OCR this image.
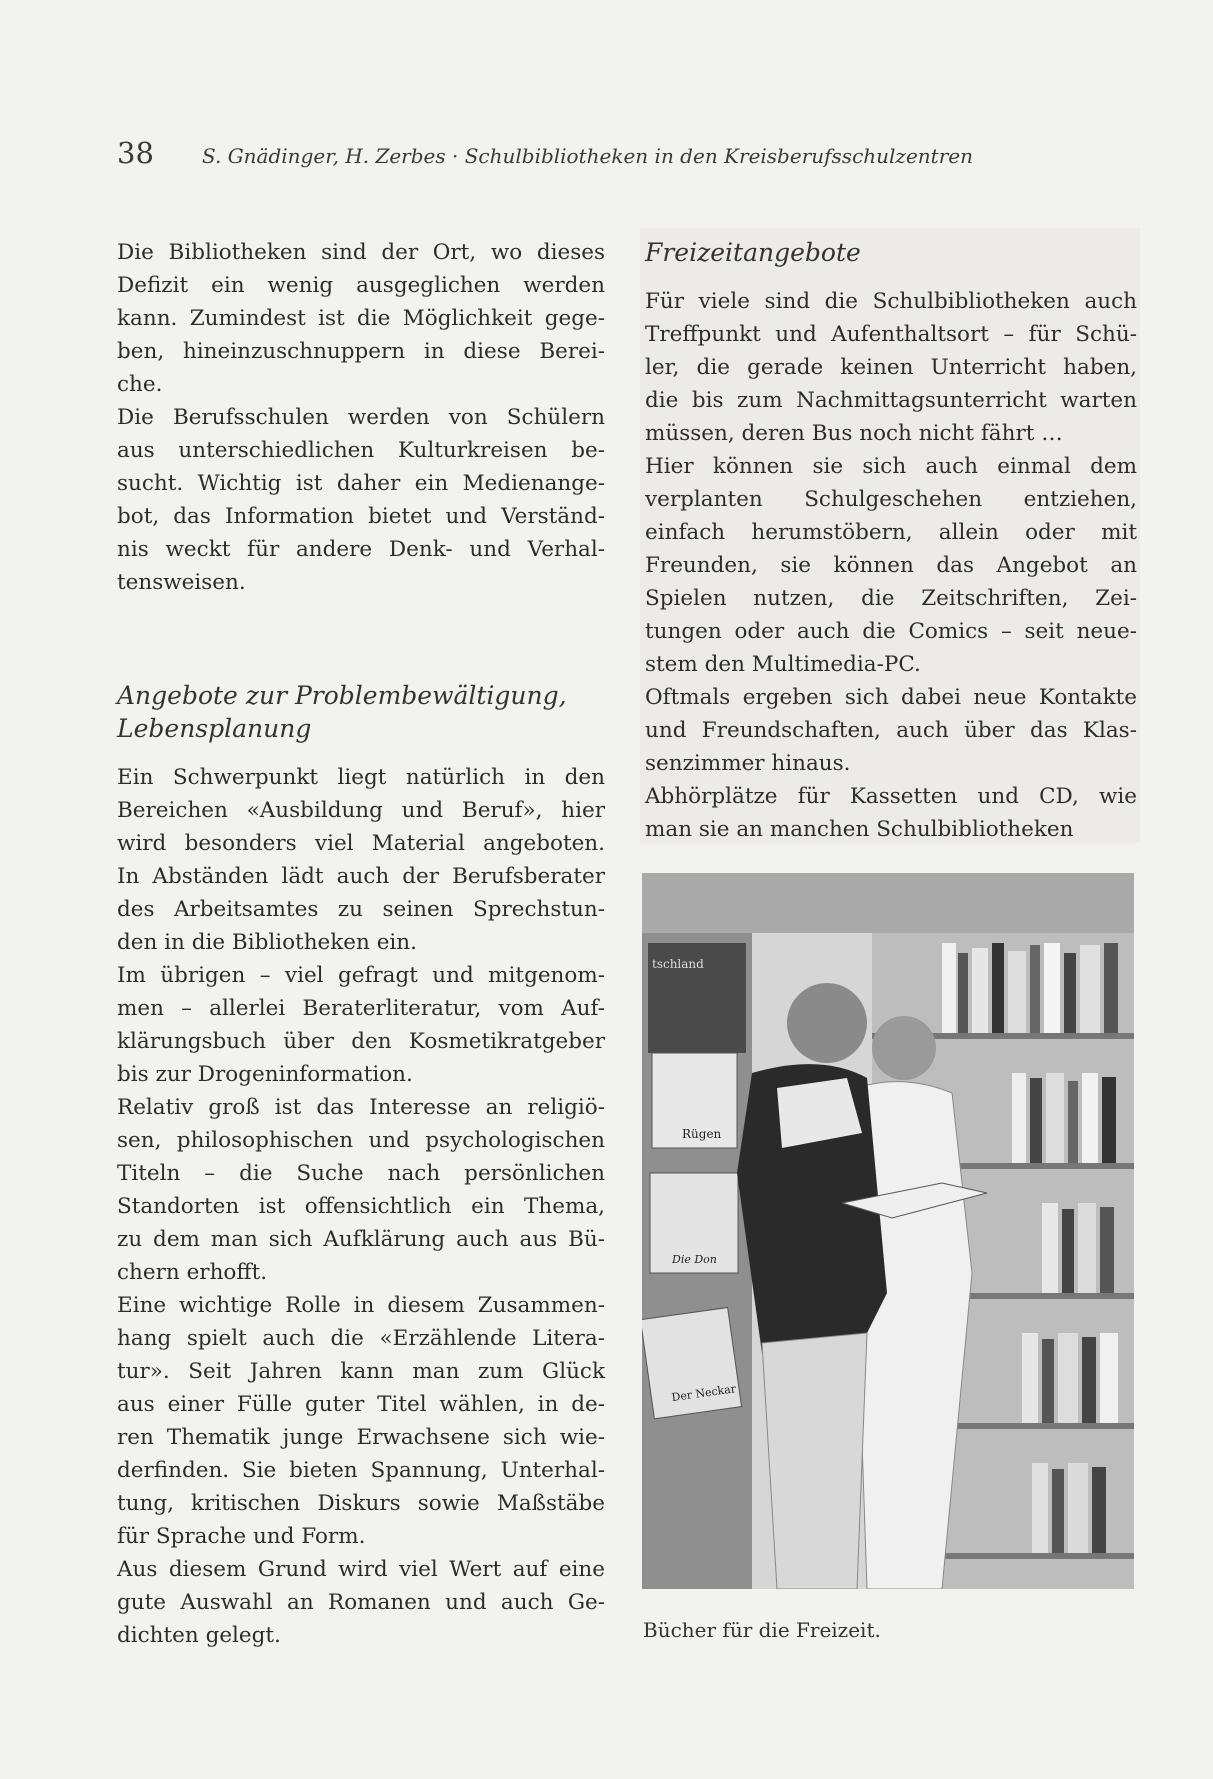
38 S. Gnädinger, H. Zerbes · Schulbibliotheken in den Kreisberufsschulzentren

Die Bibliotheken sind der Ort, wo dieses

Defizit ein wenig ausgeglichen werden

kann. Zumindest ist die Möglichkeit gege-

ben, hineinzuschnuppern in diese Berei-

che.

Die Berufsschulen werden von Schülern

aus unterschiedlichen Kulturkreisen be-

sucht. Wichtig ist daher ein Medienange-

bot, das Information bietet und Verständ-

nis weckt für andere Denk- und Verhal-

tensweisen.

Angebote zur Problembewältigung,
Lebensplanung

Ein Schwerpunkt liegt natürlich in den

Bereichen «Ausbildung und Beruf», hier

wird besonders viel Material angeboten.

In Abständen lädt auch der Berufsberater

des Arbeitsamtes zu seinen Sprechstun-

den in die Bibliotheken ein.

Im übrigen – viel gefragt und mitgenom-

men – allerlei Beraterliteratur, vom Auf-

klärungsbuch über den Kosmetikratgeber

bis zur Drogeninformation.

Relativ groß ist das Interesse an religiö-

sen, philosophischen und psychologischen

Titeln – die Suche nach persönlichen

Standorten ist offensichtlich ein Thema,

zu dem man sich Aufklärung auch aus Bü-

chern erhofft.

Eine wichtige Rolle in diesem Zusammen-

hang spielt auch die «Erzählende Litera-

tur». Seit Jahren kann man zum Glück

aus einer Fülle guter Titel wählen, in de-

ren Thematik junge Erwachsene sich wie-

derfinden. Sie bieten Spannung, Unterhal-

tung, kritischen Diskurs sowie Maßstäbe

für Sprache und Form.

Aus diesem Grund wird viel Wert auf eine

gute Auswahl an Romanen und auch Ge-

dichten gelegt.

Freizeitangebote

Für viele sind die Schulbibliotheken auch

Treffpunkt und Aufenthaltsort – für Schü-

ler, die gerade keinen Unterricht haben,

die bis zum Nachmittagsunterricht warten

müssen, deren Bus noch nicht fährt …

Hier können sie sich auch einmal dem

verplanten Schulgeschehen entziehen,

einfach herumstöbern, allein oder mit

Freunden, sie können das Angebot an

Spielen nutzen, die Zeitschriften, Zei-

tungen oder auch die Comics – seit neue-

stem den Multimedia-PC.

Oftmals ergeben sich dabei neue Kontakte

und Freundschaften, auch über das Klas-

senzimmer hinaus.

Abhörplätze für Kassetten und CD, wie

man sie an manchen Schulbibliotheken

tschland
Rügen
Die Don
Der Neckar
Bücher für die Freizeit.
